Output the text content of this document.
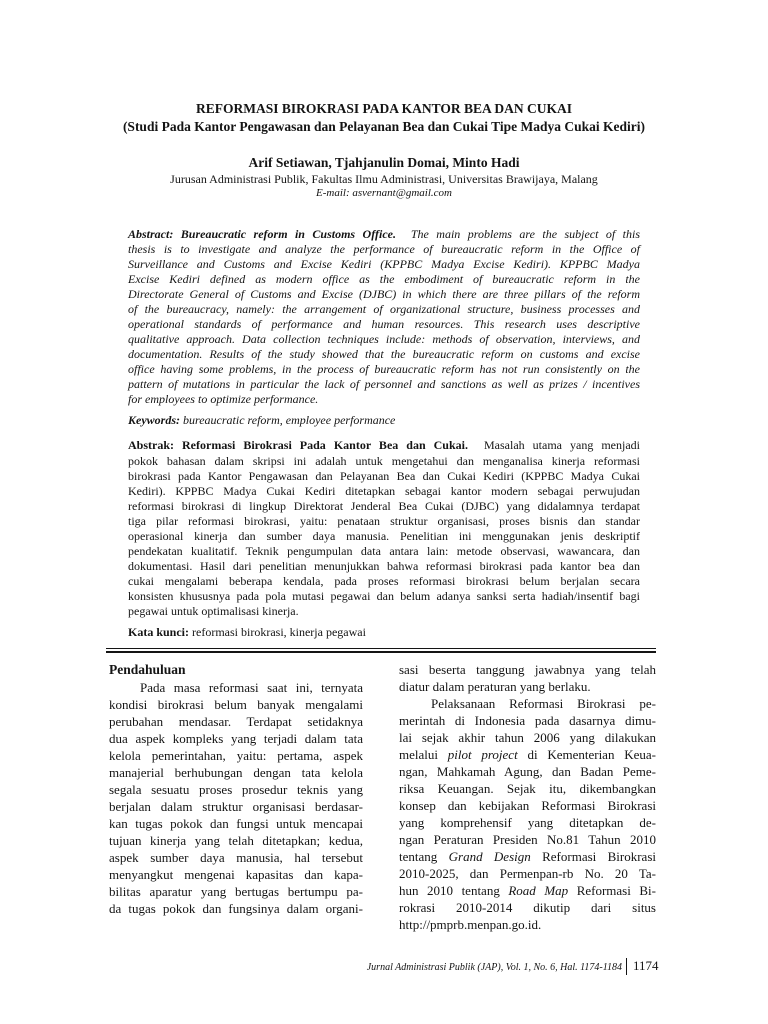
REFORMASI BIROKRASI PADA KANTOR BEA DAN CUKAI
(Studi Pada Kantor Pengawasan dan Pelayanan Bea dan Cukai Tipe Madya Cukai Kediri)
Arif Setiawan, Tjahjanulin Domai, Minto Hadi
Jurusan Administrasi Publik, Fakultas Ilmu Administrasi, Universitas Brawijaya, Malang
E-mail: asvernant@gmail.com
Abstract: Bureaucratic reform in Customs Office. The main problems are the subject of this
thesis is to investigate and analyze the performance of bureaucratic reform in the Office of
Surveillance and Customs and Excise Kediri (KPPBC Madya Excise Kediri). KPPBC Madya
Excise Kediri defined as modern office as the embodiment of bureaucratic reform in the
Directorate General of Customs and Excise (DJBC) in which there are three pillars of the reform
of the bureaucracy, namely: the arrangement of organizational structure, business processes and
operational standards of performance and human resources. This research uses descriptive
qualitative approach. Data collection techniques include: methods of observation, interviews, and
documentation. Results of the study showed that the bureaucratic reform on customs and excise
office having some problems, in the process of bureaucratic reform has not run consistently on the
pattern of mutations in particular the lack of personnel and sanctions as well as prizes / incentives
for employees to optimize performance.
Keywords: bureaucratic reform, employee performance
Abstrak: Reformasi Birokrasi Pada Kantor Bea dan Cukai. Masalah utama yang menjadi
pokok bahasan dalam skripsi ini adalah untuk mengetahui dan menganalisa kinerja reformasi
birokrasi pada Kantor Pengawasan dan Pelayanan Bea dan Cukai Kediri (KPPBC Madya Cukai
Kediri). KPPBC Madya Cukai Kediri ditetapkan sebagai kantor modern sebagai perwujudan
reformasi birokrasi di lingkup Direktorat Jenderal Bea Cukai (DJBC) yang didalamnya terdapat
tiga pilar reformasi birokrasi, yaitu: penataan struktur organisasi, proses bisnis dan standar
operasional kinerja dan sumber daya manusia. Penelitian ini menggunakan jenis deskriptif
pendekatan kualitatif. Teknik pengumpulan data antara lain: metode observasi, wawancara, dan
dokumentasi. Hasil dari penelitian menunjukkan bahwa reformasi birokrasi pada kantor bea dan
cukai mengalami beberapa kendala, pada proses reformasi birokrasi belum berjalan secara
konsisten khususnya pada pola mutasi pegawai dan belum adanya sanksi serta hadiah/insentif bagi
pegawai untuk optimalisasi kinerja.
Kata kunci: reformasi birokrasi, kinerja pegawai
Pendahuluan
Pada masa reformasi saat ini, ternyata
kondisi birokrasi belum banyak mengalami
perubahan mendasar. Terdapat setidaknya
dua aspek kompleks yang terjadi dalam tata
kelola pemerintahan, yaitu: pertama, aspek
manajerial berhubungan dengan tata kelola
segala sesuatu proses prosedur teknis yang
berjalan dalam struktur organisasi berdasar-
kan tugas pokok dan fungsi untuk mencapai
tujuan kinerja yang telah ditetapkan; kedua,
aspek sumber daya manusia, hal tersebut
menyangkut mengenai kapasitas dan kapa-
bilitas aparatur yang bertugas bertumpu pa-
da tugas pokok dan fungsinya dalam organi-
sasi beserta tanggung jawabnya yang telah
diatur dalam peraturan yang berlaku.
Pelaksanaan Reformasi Birokrasi pe-
merintah di Indonesia pada dasarnya dimu-
lai sejak akhir tahun 2006 yang dilakukan
melalui pilot project di Kementerian Keua-
ngan, Mahkamah Agung, dan Badan Peme-
riksa Keuangan. Sejak itu, dikembangkan
konsep dan kebijakan Reformasi Birokrasi
yang komprehensif yang ditetapkan de-
ngan Peraturan Presiden No.81 Tahun 2010
tentang Grand Design Reformasi Birokrasi
2010-2025, dan Permenpan-rb No. 20 Ta-
hun 2010 tentang Road Map Reformasi Bi-
rokrasi 2010-2014 dikutip dari situs
http://pmprb.menpan.go.id.
Jurnal Administrasi Publik (JAP), Vol. 1, No. 6, Hal. 1174-1184 1174
